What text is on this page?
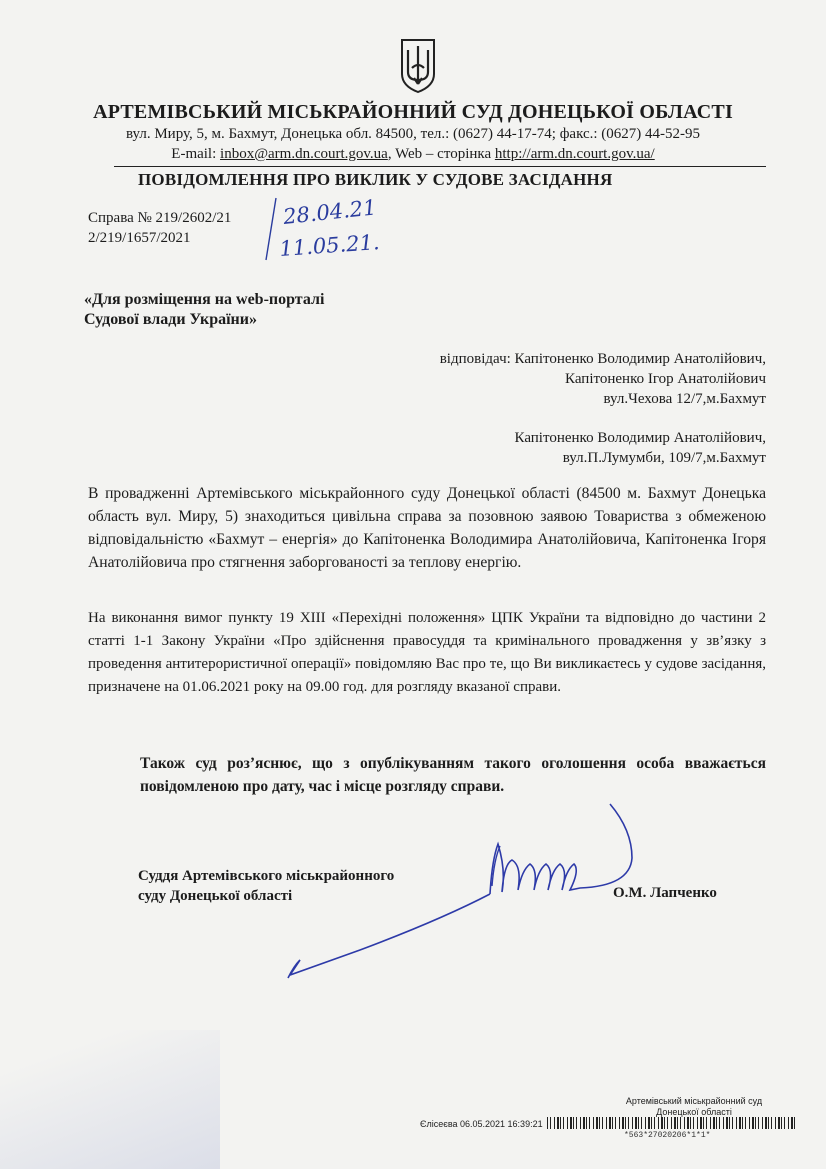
АРТЕМІВСЬКИЙ МІСЬКРАЙОННИЙ СУД ДОНЕЦЬКОЇ ОБЛАСТІ
вул. Миру, 5, м. Бахмут, Донецька обл. 84500, тел.: (0627) 44-17-74; факс.: (0627) 44-52-95
E-mail: inbox@arm.dn.court.gov.ua, Web – сторінка http://arm.dn.court.gov.ua/
ПОВІДОМЛЕННЯ ПРО ВИКЛИК У СУДОВЕ ЗАСІДАННЯ
Справа № 219/2602/21
2/219/1657/2021
28.04.21
11.05.21.
«Для розміщення на web-порталі
Судової влади України»
відповідач: Капітоненко Володимир Анатолійович,
Капітоненко Ігор Анатолійович
вул.Чехова 12/7,м.Бахмут
Капітоненко Володимир Анатолійович,
вул.П.Лумумби, 109/7,м.Бахмут
В провадженні Артемівського міськрайонного суду Донецької області (84500 м. Бахмут Донецька область вул. Миру, 5) знаходиться цивільна справа за позовною заявою Товариства з обмеженою відповідальністю «Бахмут – енергія» до Капітоненка Володимира Анатолійовича, Капітоненка Ігоря Анатолійовича про стягнення заборгованості за теплову енергію.
На виконання вимог пункту 19 XIII «Перехідні положення» ЦПК України та відповідно до частини 2 статті 1-1 Закону України «Про здійснення правосуддя та кримінального провадження у зв’язку з проведення антитерористичної операції» повідомляю Вас про те, що Ви викликаєтесь у судове засідання, призначене на 01.06.2021 року на 09.00 год. для розгляду вказаної справи.
Також суд роз’яснює, що з опублікуванням такого оголошення особа вважається повідомленою про дату, час і місце розгляду справи.
Суддя Артемівського міськрайонного
суду Донецької області	О.М. Лапченко
Артемівський міськрайонний суд
Донецької області
Єлісеєва 06.05.2021 16:39:21
*563*27020206*1*1*
